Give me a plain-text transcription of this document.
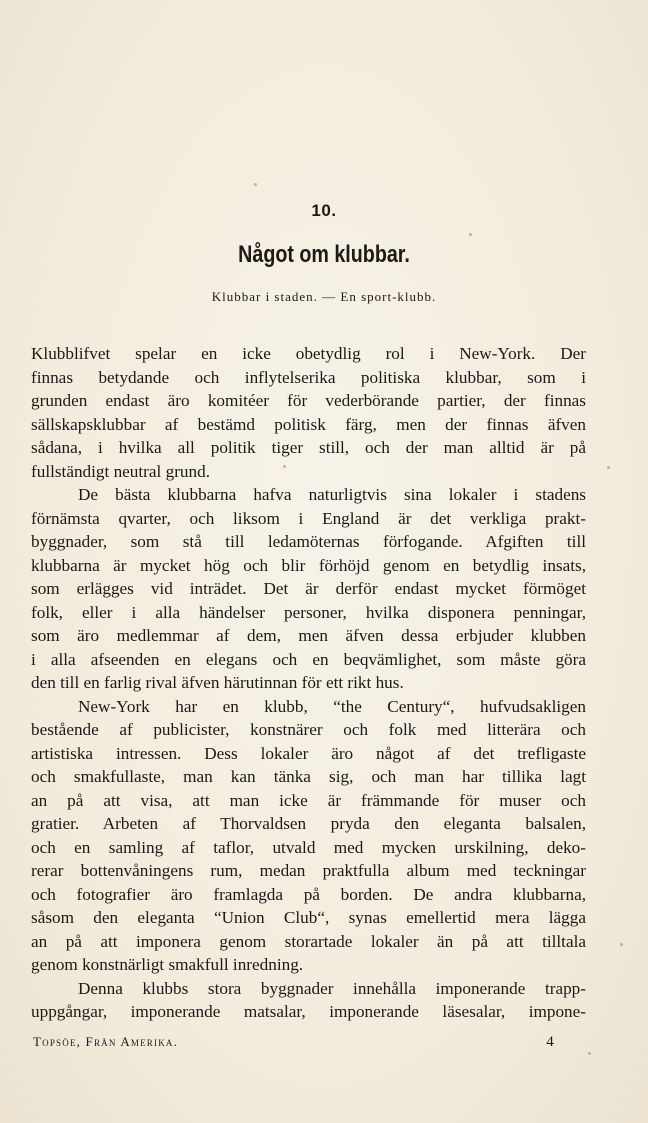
10.
Något om klubbar.
Klubbar i staden. — En sport-klubb.
Klubblifvet spelar en icke obetydlig rol i New-York. Der
finnas betydande och inflytelserika politiska klubbar, som i
grunden endast äro komitéer för vederbörande partier, der finnas
sällskapsklubbar af bestämd politisk färg, men der finnas äfven
sådana, i hvilka all politik tiger still, och der man alltid är på
fullständigt neutral grund.
De bästa klubbarna hafva naturligtvis sina lokaler i stadens
förnämsta qvarter, och liksom i England är det verkliga prakt-
byggnader, som stå till ledamöternas förfogande. Afgiften till
klubbarna är mycket hög och blir förhöjd genom en betydlig insats,
som erlägges vid inträdet. Det är derför endast mycket förmöget
folk, eller i alla händelser personer, hvilka disponera penningar,
som äro medlemmar af dem, men äfven dessa erbjuder klubben
i alla afseenden en elegans och en beqvämlighet, som måste göra
den till en farlig rival äfven härutinnan för ett rikt hus.
New-York har en klubb, “the Century“, hufvudsakligen
bestående af publicister, konstnärer och folk med litterära och
artistiska intressen. Dess lokaler äro något af det trefligaste
och smakfullaste, man kan tänka sig, och man har tillika lagt
an på att visa, att man icke är främmande för muser och
gratier. Arbeten af Thorvaldsen pryda den eleganta balsalen,
och en samling af taflor, utvald med mycken urskilning, deko-
rerar bottenvåningens rum, medan praktfulla album med teckningar
och fotografier äro framlagda på borden. De andra klubbarna,
såsom den eleganta “Union Club“, synas emellertid mera lägga
an på att imponera genom storartade lokaler än på att tilltala
genom konstnärligt smakfull inredning.
Denna klubbs stora byggnader innehålla imponerande trapp-
uppgångar, imponerande matsalar, imponerande läsesalar, impone-
Topsöe, Från Amerika.	4
